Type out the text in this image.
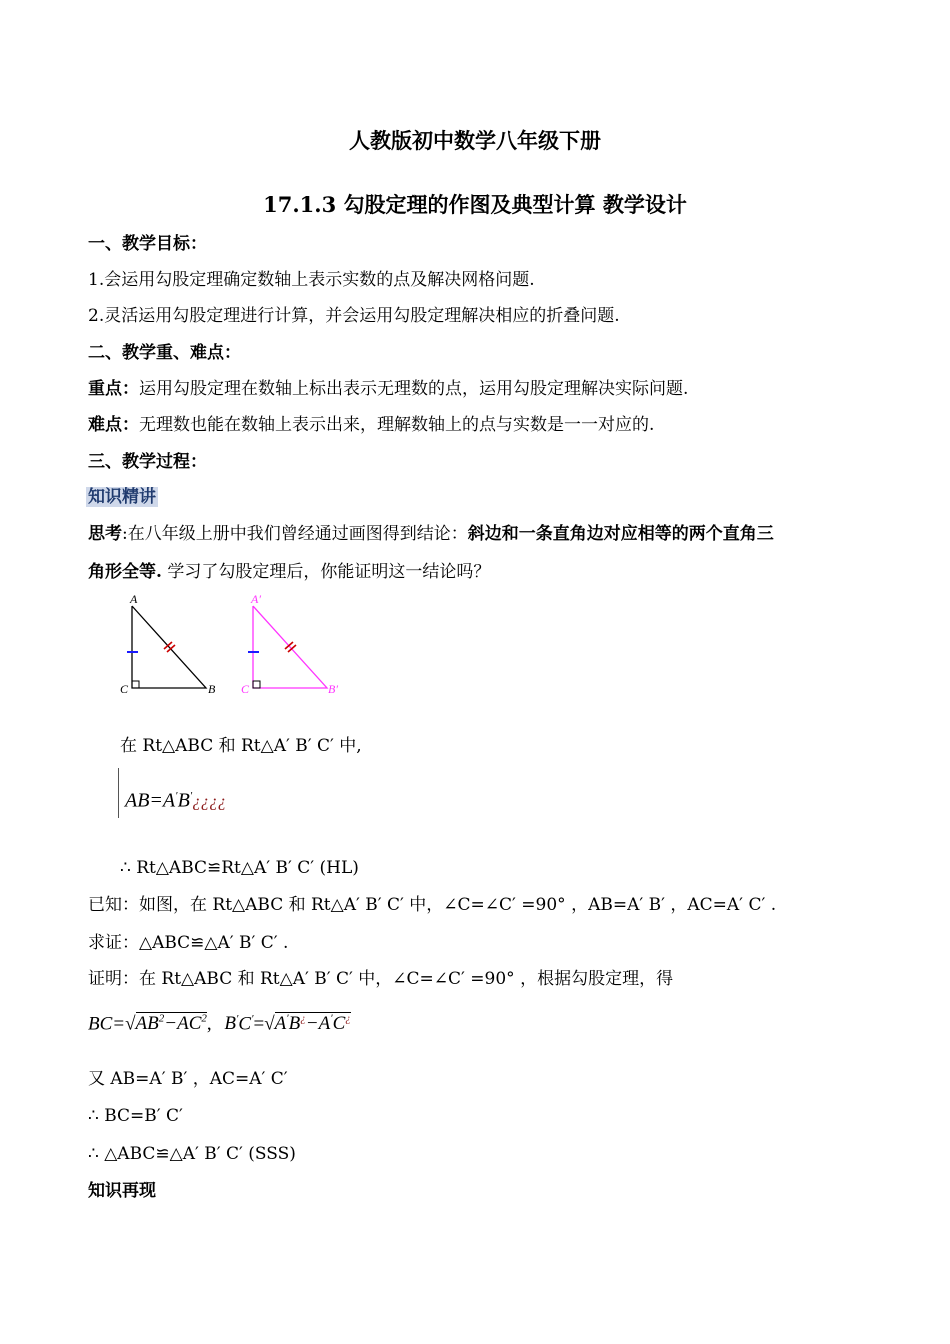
人教版初中数学八年级下册
17.1.3 勾股定理的作图及典型计算 教学设计
一、教学目标：
1.会运用勾股定理确定数轴上表示实数的点及解决网格问题.
2.灵活运用勾股定理进行计算，并会运用勾股定理解决相应的折叠问题.
二、教学重、难点：
重点：运用勾股定理在数轴上标出表示无理数的点，运用勾股定理解决实际问题.
难点：无理数也能在数轴上表示出来，理解数轴上的点与实数是一一对应的.
三、教学过程：
知识精讲
思考:在八年级上册中我们曾经通过画图得到结论：斜边和一条直角边对应相等的两个直角三
角形全等. 学习了勾股定理后，你能证明这一结论吗？
A
C	B
A′
C	B′
在 Rt△ABC 和 Rt△A′ B′ C′ 中,
AB=A′B′¿¿¿¿
∴ Rt△ABC≌Rt△A′ B′ C′ (HL)
已知：如图，在 Rt△ABC 和 Rt△A′ B′ C′ 中，∠C=∠C′ =90° ，AB=A′ B′ ，AC=A′ C′ .
求证：△ABC≌△A′ B′ C′ .
证明：在 Rt△ABC 和 Rt△A′ B′ C′ 中，∠C=∠C′ =90° ，根据勾股定理，得
$BC=√AB^2-AC^2$, B′C′=√A′B¿−A′C¿
又 AB=A′ B′ ，AC=A′ C′
∴ BC=B′ C′
∴ △ABC≌△A′ B′ C′ (SSS)
知识再现
